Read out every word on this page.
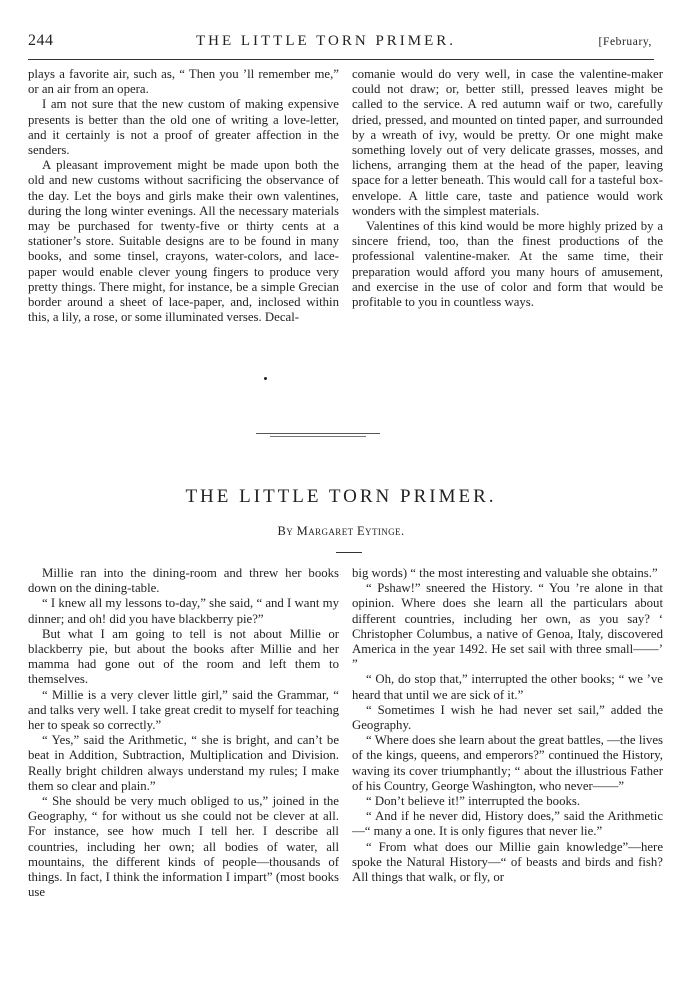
244	THE LITTLE TORN PRIMER.	[February,

plays a favorite air, such as, “ Then you ’ll remember me,” or an air from an opera.

I am not sure that the new custom of making expensive presents is better than the old one of writing a love-letter, and it certainly is not a proof of greater affection in the senders.

A pleasant improvement might be made upon both the old and new customs without sacrificing the observance of the day. Let the boys and girls make their own valentines, during the long winter evenings. All the necessary materials may be purchased for twenty-five or thirty cents at a stationer’s store. Suitable designs are to be found in many books, and some tinsel, crayons, water-colors, and lace-paper would enable clever young fingers to produce very pretty things. There might, for instance, be a simple Grecian border around a sheet of lace-paper, and, inclosed within this, a lily, a rose, or some illuminated verses. Decal-

comanie would do very well, in case the valentine-maker could not draw; or, better still, pressed leaves might be called to the service. A red autumn waif or two, carefully dried, pressed, and mounted on tinted paper, and surrounded by a wreath of ivy, would be pretty. Or one might make something lovely out of very delicate grasses, mosses, and lichens, arranging them at the head of the paper, leaving space for a letter beneath. This would call for a tasteful box-envelope. A little care, taste and patience would work wonders with the simplest materials.

Valentines of this kind would be more highly prized by a sincere friend, too, than the finest productions of the professional valentine-maker. At the same time, their preparation would afford you many hours of amusement, and exercise in the use of color and form that would be profitable to you in countless ways.

THE LITTLE TORN PRIMER.
By Margaret Eytinge.

Millie ran into the dining-room and threw her books down on the dining-table.

“ I knew all my lessons to-day,” she said, “ and I want my dinner; and oh! did you have blackberry pie?”

But what I am going to tell is not about Millie or blackberry pie, but about the books after Millie and her mamma had gone out of the room and left them to themselves.

“ Millie is a very clever little girl,” said the Grammar, “ and talks very well. I take great credit to myself for teaching her to speak so correctly.”

“ Yes,” said the Arithmetic, “ she is bright, and can’t be beat in Addition, Subtraction, Multiplication and Division. Really bright children always understand my rules; I make them so clear and plain.”

“ She should be very much obliged to us,” joined in the Geography, “ for without us she could not be clever at all. For instance, see how much I tell her. I describe all countries, including her own; all bodies of water, all mountains, the different kinds of people—thousands of things. In fact, I think the information I impart” (most books use

big words) “ the most interesting and valuable she obtains.”

“ Pshaw!” sneered the History. “ You ’re alone in that opinion. Where does she learn all the particulars about different countries, including her own, as you say? ‘ Christopher Columbus, a native of Genoa, Italy, discovered America in the year 1492. He set sail with three small——’ ”

“ Oh, do stop that,” interrupted the other books; “ we ’ve heard that until we are sick of it.”

“ Sometimes I wish he had never set sail,” added the Geography.

“ Where does she learn about the great battles, —the lives of the kings, queens, and emperors?” continued the History, waving its cover triumphantly; “ about the illustrious Father of his Country, George Washington, who never——”

“ Don’t believe it!” interrupted the books.

“ And if he never did, History does,” said the Arithmetic—“ many a one. It is only figures that never lie.”

“ From what does our Millie gain knowledge”—here spoke the Natural History—“ of beasts and birds and fish? All things that walk, or fly, or
